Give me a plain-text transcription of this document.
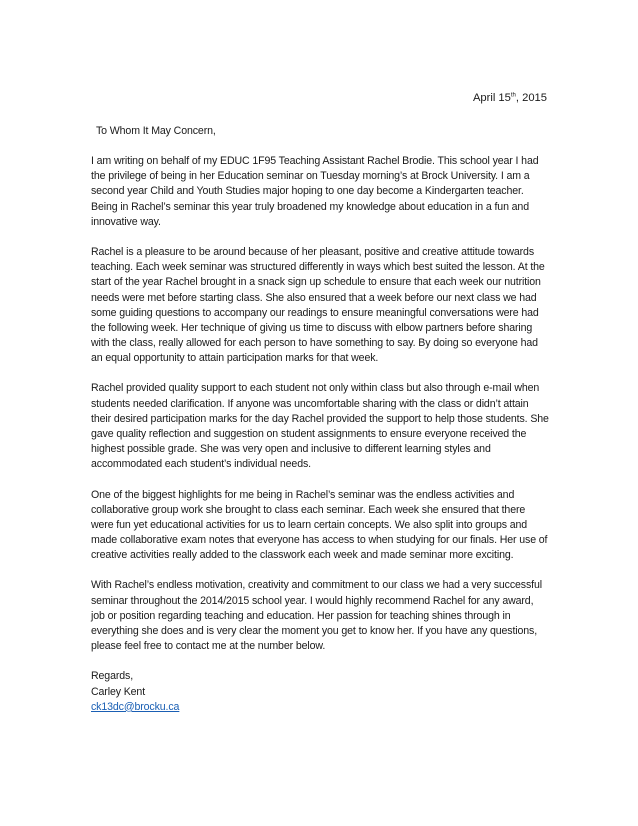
April 15th, 2015
To Whom It May Concern,

I am writing on behalf of my EDUC 1F95 Teaching Assistant Rachel Brodie. This school year I had the privilege of being in her Education seminar on Tuesday morning’s at Brock University. I am a second year Child and Youth Studies major hoping to one day become a Kindergarten teacher. Being in Rachel’s seminar this year truly broadened my knowledge about education in a fun and innovative way.

Rachel is a pleasure to be around because of her pleasant, positive and creative attitude towards teaching. Each week seminar was structured differently in ways which best suited the lesson. At the start of the year Rachel brought in a snack sign up schedule to ensure that each week our nutrition needs were met before starting class. She also ensured that a week before our next class we had some guiding questions to accompany our readings to ensure meaningful conversations were had the following week. Her technique of giving us time to discuss with elbow partners before sharing with the class, really allowed for each person to have something to say. By doing so everyone had an equal opportunity to attain participation marks for that week.

Rachel provided quality support to each student not only within class but also through e-mail when students needed clarification. If anyone was uncomfortable sharing with the class or didn’t attain their desired participation marks for the day Rachel provided the support to help those students. She gave quality reflection and suggestion on student assignments to ensure everyone received the highest possible grade. She was very open and inclusive to different learning styles and accommodated each student’s individual needs.

One of the biggest highlights for me being in Rachel’s seminar was the endless activities and collaborative group work she brought to class each seminar. Each week she ensured that there were fun yet educational activities for us to learn certain concepts. We also split into groups and made collaborative exam notes that everyone has access to when studying for our finals. Her use of creative activities really added to the classwork each week and made seminar more exciting.

With Rachel’s endless motivation, creativity and commitment to our class we had a very successful seminar throughout the 2014/2015 school year. I would highly recommend Rachel for any award, job or position regarding teaching and education. Her passion for teaching shines through in everything she does and is very clear the moment you get to know her. If you have any questions, please feel free to contact me at the number below.

Regards,

Carley Kent

ck13dc@brocku.ca
